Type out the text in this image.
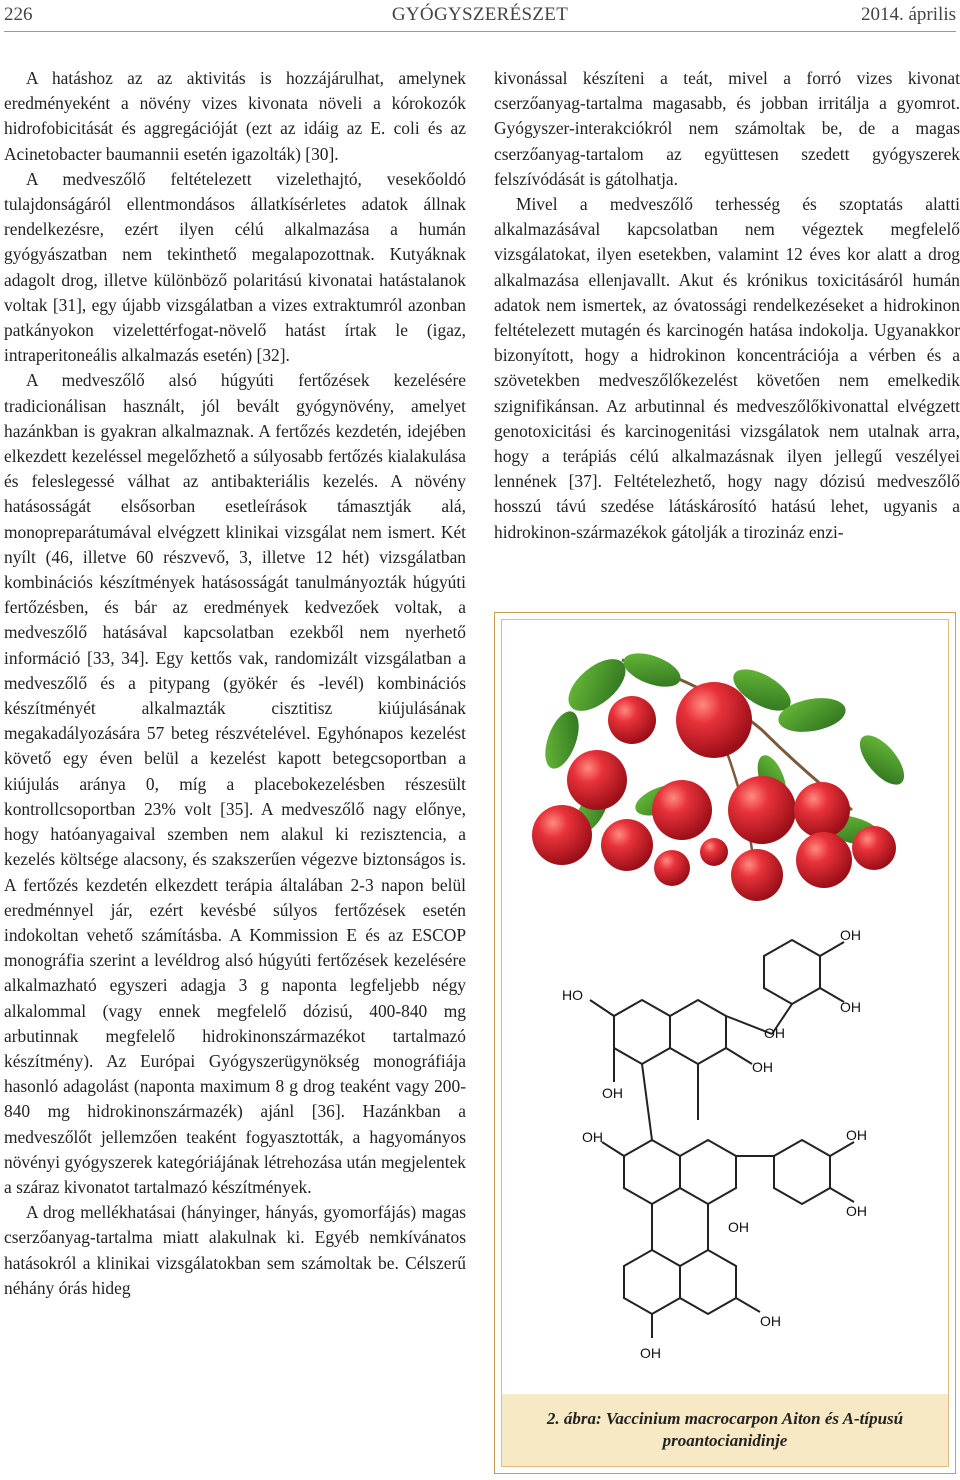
226	GYÓGYSZERÉSZET	2014. április

A hatáshoz az az aktivitás is hozzájárulhat, amelynek eredményeként a növény vizes kivonata növeli a kórokozók hidrofobicitását és aggregációját (ezt az idáig az E. coli és az Acinetobacter baumannii esetén igazolták) [30].

A medveszőlő feltételezett vizelethajtó, vesekőoldó tulajdonságáról ellentmondásos állatkísérletes adatok állnak rendelkezésre, ezért ilyen célú alkalmazása a humán gyógyászatban nem tekinthető megalapozottnak. Kutyáknak adagolt drog, illetve különböző polaritású kivonatai hatástalanok voltak [31], egy újabb vizsgálatban a vizes extraktumról azonban patkányokon vizelettérfogat-növelő hatást írtak le (igaz, intraperitoneális alkalmazás esetén) [32].

A medveszőlő alsó húgyúti fertőzések kezelésére tradicionálisan használt, jól bevált gyógynövény, amelyet hazánkban is gyakran alkalmaznak. A fertőzés kezdetén, idejében elkezdett kezeléssel megelőzhető a súlyosabb fertőzés kialakulása és feleslegessé válhat az antibakteriális kezelés. A növény hatásosságát elsősorban esetleírások támasztják alá, monopreparátumával elvégzett klinikai vizsgálat nem ismert. Két nyílt (46, illetve 60 részvevő, 3, illetve 12 hét) vizsgálatban kombinációs készítmények hatásosságát tanulmányozták húgyúti fertőzésben, és bár az eredmények kedvezőek voltak, a medveszőlő hatásával kapcsolatban ezekből nem nyerhető információ [33, 34]. Egy kettős vak, randomizált vizsgálatban a medveszőlő és a pitypang (gyökér és -levél) kombinációs készítményét alkalmazták cisztitisz kiújulásának megakadályozására 57 beteg részvételével. Egyhónapos kezelést követő egy éven belül a kezelést kapott betegcsoportban a kiújulás aránya 0, míg a placebokezelésben részesült kontrollcsoportban 23% volt [35]. A medveszőlő nagy előnye, hogy hatóanyagaival szemben nem alakul ki rezisztencia, a kezelés költsége alacsony, és szakszerűen végezve biztonságos is. A fertőzés kezdetén elkezdett terápia általában 2-3 napon belül eredménnyel jár, ezért kevésbé súlyos fertőzések esetén indokoltan vehető számításba. A Kommission E és az ESCOP monográfia szerint a levéldrog alsó húgyúti fertőzések kezelésére alkalmazható egyszeri adagja 3 g naponta legfeljebb négy alkalommal (vagy ennek megfelelő dózisú, 400-840 mg arbutinnak megfelelő hidrokinonszármazékot tartalmazó készítmény). Az Európai Gyógyszerügynökség monográfiája hasonló adagolást (naponta maximum 8 g drog teaként vagy 200-840 mg hidrokinonszármazék) ajánl [36]. Hazánkban a medveszőlőt jellemzően teaként fogyasztották, a hagyományos növényi gyógyszerek kategóriájának létrehozása után megjelentek a száraz kivonatot tartalmazó készítmények.

A drog mellékhatásai (hányinger, hányás, gyomorfájás) magas cserzőanyag-tartalma miatt alakulnak ki. Egyéb nemkívánatos hatásokról a klinikai vizsgálatokban sem számoltak be. Célszerű néhány órás hideg

kivonással készíteni a teát, mivel a forró vizes kivonat cserzőanyag-tartalma magasabb, és jobban irritálja a gyomrot. Gyógyszer-interakciókról nem számoltak be, de a magas cserzőanyag-tartalom az együttesen szedett gyógyszerek felszívódását is gátolhatja.

Mivel a medveszőlő terhesség és szoptatás alatti alkalmazásával kapcsolatban nem végeztek megfelelő vizsgálatokat, ilyen esetekben, valamint 12 éves kor alatt a drog alkalmazása ellenjavallt. Akut és krónikus toxicitásáról humán adatok nem ismertek, az óvatossági rendelkezéseket a hidrokinon feltételezett mutagén és karcinogén hatása indokolja. Ugyanakkor bizonyított, hogy a hidrokinon koncentrációja a vérben és a szövetekben medveszőlőkezelést követően nem emelkedik szignifikánsan. Az arbutinnal és medveszőlőkivonattal elvégzett genotoxicitási és karcinogenitási vizsgálatok nem utalnak arra, hogy a terápiás célú alkalmazásnak ilyen jellegű veszélyei lennének [37]. Feltételezhető, hogy nagy dózisú medveszőlő hosszú távú szedése látáskárosító hatású lehet, ugyanis a hidrokinon-származékok gátolják a tirozináz enzi-

OH
OH
HO
OH
OH
OH
OH
OH
OH
OH
OH
OH
2. ábra: Vaccinium macrocarpon Aiton és A-típusú
proantocianidinje
